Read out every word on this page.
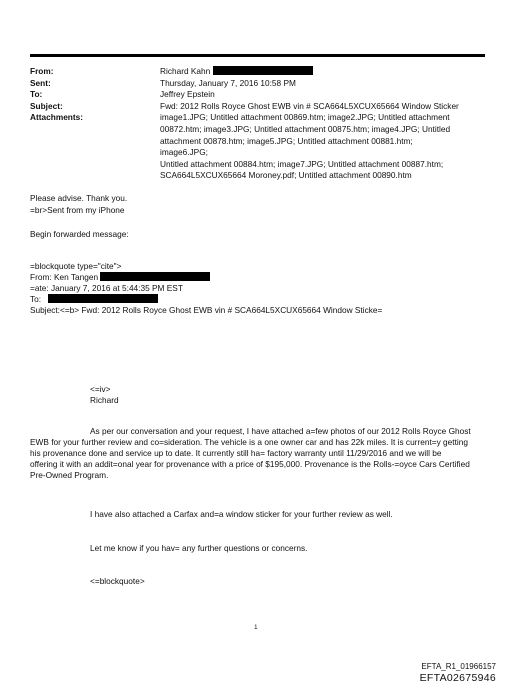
From:	Richard Kahn
Sent:	Thursday, January 7, 2016 10:58 PM
To:	Jeffrey Epstein
Subject:	Fwd: 2012 Rolls Royce Ghost EWB vin # SCA664L5XCUX65664 Window Sticker
Attachments:	image1.JPG; Untitled attachment 00869.htm; image2.JPG; Untitled attachment
00872.htm; image3.JPG; Untitled attachment 00875.htm; image4.JPG; Untitled
attachment 00878.htm; image5.JPG; Untitled attachment 00881.htm; image6.JPG;
Untitled attachment 00884.htm; image7.JPG; Untitled attachment 00887.htm;
SCA664L5XCUX65664 Moroney.pdf; Untitled attachment 00890.htm
Please advise. Thank you.
=br>Sent from my iPhone
Begin forwarded message:
=blockquote type="cite">
From: Ken Tangen
=ate: January 7, 2016 at 5:44:35 PM EST
To:
Subject:<=b> Fwd: 2012 Rolls Royce Ghost EWB vin # SCA664L5XCUX65664 Window Sticke=
<=iv>
Richard
As per our conversation and your request, I have attached a=few photos of our 2012 Rolls Royce Ghost
EWB for your further review and co=sideration. The vehicle is a one owner car and has 22k miles. It is current=y getting
his provenance done and service up to date. It currently still ha= factory warranty until 11/29/2016 and we will be
offering it with an addit=onal year for provenance with a price of $195,000. Provenance is the Rolls-=oyce Cars Certified
Pre-Owned Program.
I have also attached a Carfax and=a window sticker for your further review as well.
Let me know if you hav= any further questions or concerns.
<=blockquote>
1
EFTA_R1_01966157
EFTA02675946
